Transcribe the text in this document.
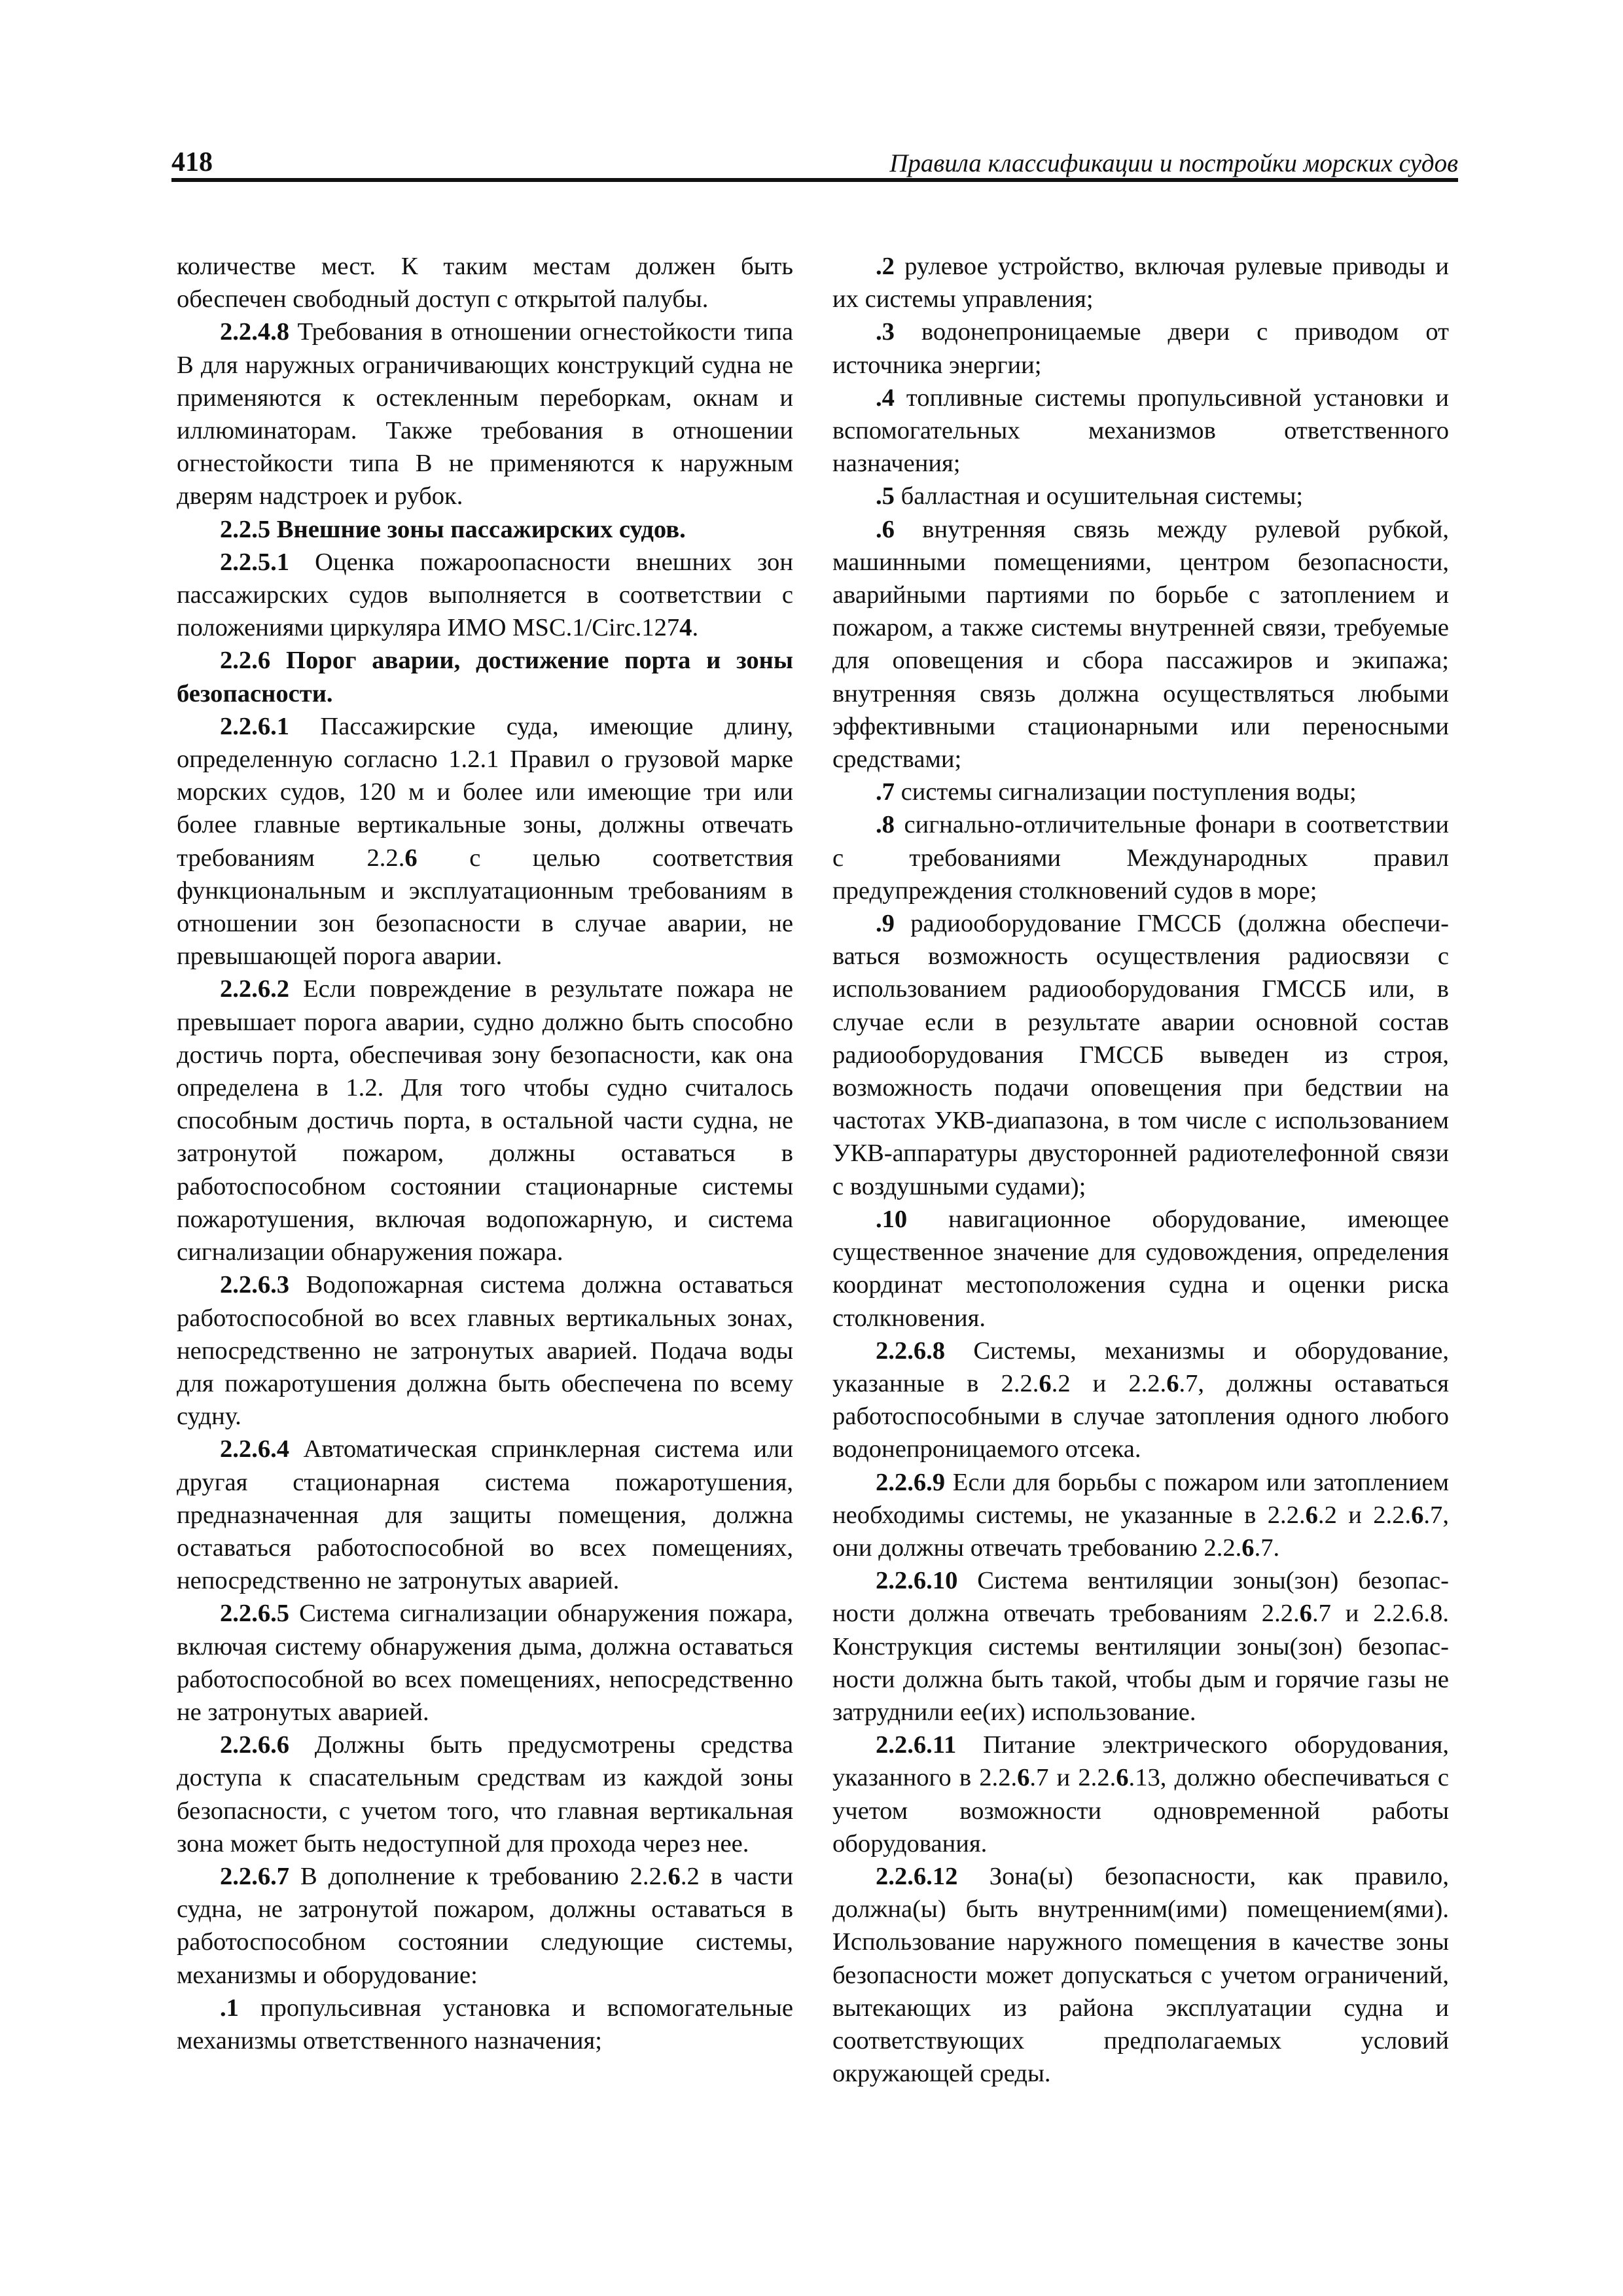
418	Правила классификации и постройки морских судов

количестве мест. К таким местам должен быть обеспечен свободный доступ с открытой палубы.

2.2.4.8 Требования в отношении огнестойкости типа В для наружных ограничивающих конструкций судна не применяются к остекленным переборкам, окнам и иллюминаторам. Также требования в отношении огнестойкости типа В не применяются к наружным дверям надстроек и рубок.

2.2.5 Внешние зоны пассажирских судов.

2.2.5.1 Оценка пожароопасности внешних зон пассажирских судов выполняется в соответствии с положениями циркуляра ИМО MSC.1/Circ.1274.

2.2.6 Порог аварии, достижение порта и зоны безопасности.

2.2.6.1 Пассажирские суда, имеющие длину, определенную согласно 1.2.1 Правил о грузовой марке морских судов, 120 м и более или имеющие три или более главные вертикальные зоны, должны отвечать требованиям 2.2.6 с целью соответствия функциональным и эксплуатационным требованиям в отношении зон безопасности в случае аварии, не превышающей порога аварии.

2.2.6.2 Если повреждение в результате пожара не превышает порога аварии, судно должно быть способно достичь порта, обеспечивая зону безопасности, как она определена в 1.2. Для того чтобы судно считалось способным достичь порта, в остальной части судна, не затронутой пожаром, должны оставаться в работоспособном состоянии стационарные системы пожаротушения, включая водопожарную, и система сигнализации обнаружения пожара.

2.2.6.3 Водопожарная система должна оставаться работоспособной во всех главных вертикальных зонах, непосредственно не затронутых аварией. Подача воды для пожаротушения должна быть обеспечена по всему судну.

2.2.6.4 Автоматическая спринклерная система или другая стационарная система пожаротушения, предназначенная для защиты помещения, должна оставаться работоспособной во всех помещениях, непосредственно не затронутых аварией.

2.2.6.5 Система сигнализации обнаружения пожара, включая систему обнаружения дыма, должна оставаться работоспособной во всех помещениях, непосредственно не затронутых аварией.

2.2.6.6 Должны быть предусмотрены средства доступа к спасательным средствам из каждой зоны безопасности, с учетом того, что главная вертикальная зона может быть недоступной для прохода через нее.

2.2.6.7 В дополнение к требованию 2.2.6.2 в части судна, не затронутой пожаром, должны оставаться в работоспособном состоянии следующие системы, механизмы и оборудование:

.1 пропульсивная установка и вспомогательные механизмы ответственного назначения;

.2 рулевое устройство, включая рулевые приводы и их системы управления;

.3 водонепроницаемые двери с приводом от источника энергии;

.4 топливные системы пропульсивной установки и вспомогательных механизмов ответственного назначения;

.5 балластная и осушительная системы;

.6 внутренняя связь между рулевой рубкой, машинными помещениями, центром безопасности, аварийными партиями по борьбе с затоплением и пожаром, а также системы внутренней связи, требуемые для оповещения и сбора пассажиров и экипажа; внутренняя связь должна осуществляться любыми эффективными стационарными или переносными средствами;

.7 системы сигнализации поступления воды;

.8 сигнально-отличительные фонари в соответствии с требованиями Международных правил предупреждения столкновений судов в море;

.9 радиооборудование ГМССБ (должна обеспечиваться возможность осуществления радиосвязи с использованием радиооборудования ГМССБ или, в случае если в результате аварии основной состав радиооборудования ГМССБ выведен из строя, возможность подачи оповещения при бедствии на частотах УКВ-диапазона, в том числе с использованием УКВ-аппаратуры двусторонней радиотелефонной связи с воздушными судами);

.10 навигационное оборудование, имеющее существенное значение для судовождения, определения координат местоположения судна и оценки риска столкновения.

2.2.6.8 Системы, механизмы и оборудование, указанные в 2.2.6.2 и 2.2.6.7, должны оставаться работоспособными в случае затопления одного любого водонепроницаемого отсека.

2.2.6.9 Если для борьбы с пожаром или затоплением необходимы системы, не указанные в 2.2.6.2 и 2.2.6.7, они должны отвечать требованию 2.2.6.7.

2.2.6.10 Система вентиляции зоны(зон) безопасности должна отвечать требованиям 2.2.6.7 и 2.2.6.8. Конструкция системы вентиляции зоны(зон) безопасности должна быть такой, чтобы дым и горячие газы не затруднили ее(их) использование.

2.2.6.11 Питание электрического оборудования, указанного в 2.2.6.7 и 2.2.6.13, должно обеспечиваться с учетом возможности одновременной работы оборудования.

2.2.6.12 Зона(ы) безопасности, как правило, должна(ы) быть внутренним(ими) помещением(ями). Использование наружного помещения в качестве зоны безопасности может допускаться с учетом ограничений, вытекающих из района эксплуатации судна и соответствующих предполагаемых условий окружающей среды.
